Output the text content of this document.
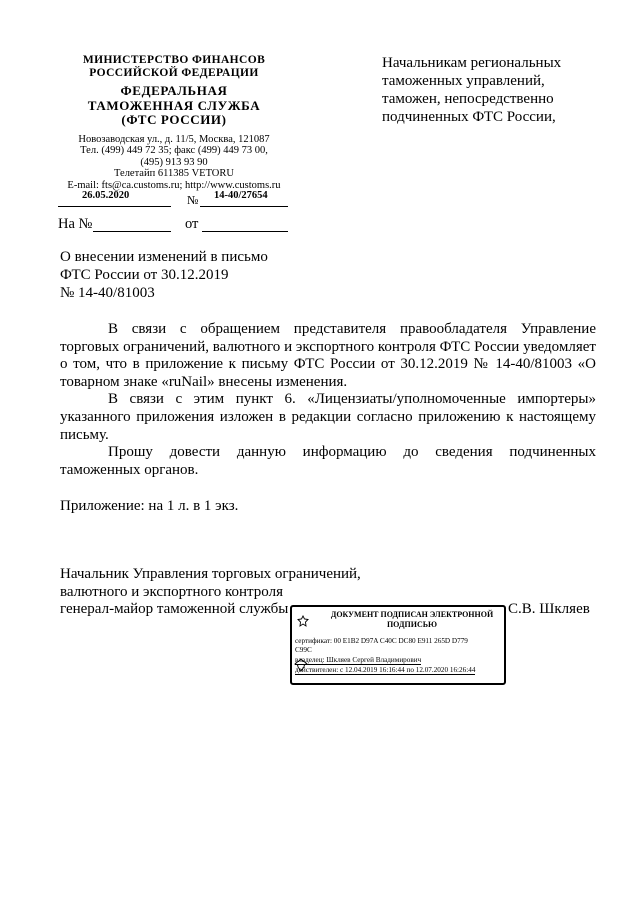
МИНИСТЕРСТВО ФИНАНСОВ
РОССИЙСКОЙ ФЕДЕРАЦИИ
ФЕДЕРАЛЬНАЯ
ТАМОЖЕННАЯ СЛУЖБА
(ФТС РОССИИ)
Новозаводская ул., д. 11/5, Москва, 121087
Тел. (499) 449 72 35; факс (499) 449 73 00,
(495) 913 93 90
Телетайп 611385 VETORU
E-mail: fts@ca.customs.ru; http://www.customs.ru
26.05.2020	№ 14-40/27654
На №	от
Начальникам региональных
таможенных управлений,
таможен, непосредственно
подчиненных ФТС России,
О внесении изменений в письмо
ФТС России от 30.12.2019
№ 14-40/81003

В связи с обращением представителя правообладателя Управление торговых ограничений, валютного и экспортного контроля ФТС России уведомляет о том, что в приложение к письму ФТС России от 30.12.2019 № 14-40/81003 «О товарном знаке «ruNail» внесены изменения.

В связи с этим пункт 6. «Лицензиаты/уполномоченные импортеры» указанного приложения изложен в редакции согласно приложению к настоящему письму.

Прошу довести данную информацию до сведения подчиненных таможенных органов.

Приложение: на 1 л. в 1 экз.
Начальник Управления торговых ограничений,
валютного и экспортного контроля
генерал-майор таможенной службы	С.В. Шкляев
ДОКУМЕНТ ПОДПИСАН ЭЛЕКТРОННОЙ
ПОДПИСЬЮ
сертификат: 00 E1B2 D97A C40C DC80 E911 265D D779
C99C
владелец: Шкляев Сергей Владимирович
действителен: с 12.04.2019 16:16:44 по 12.07.2020 16:26:44
